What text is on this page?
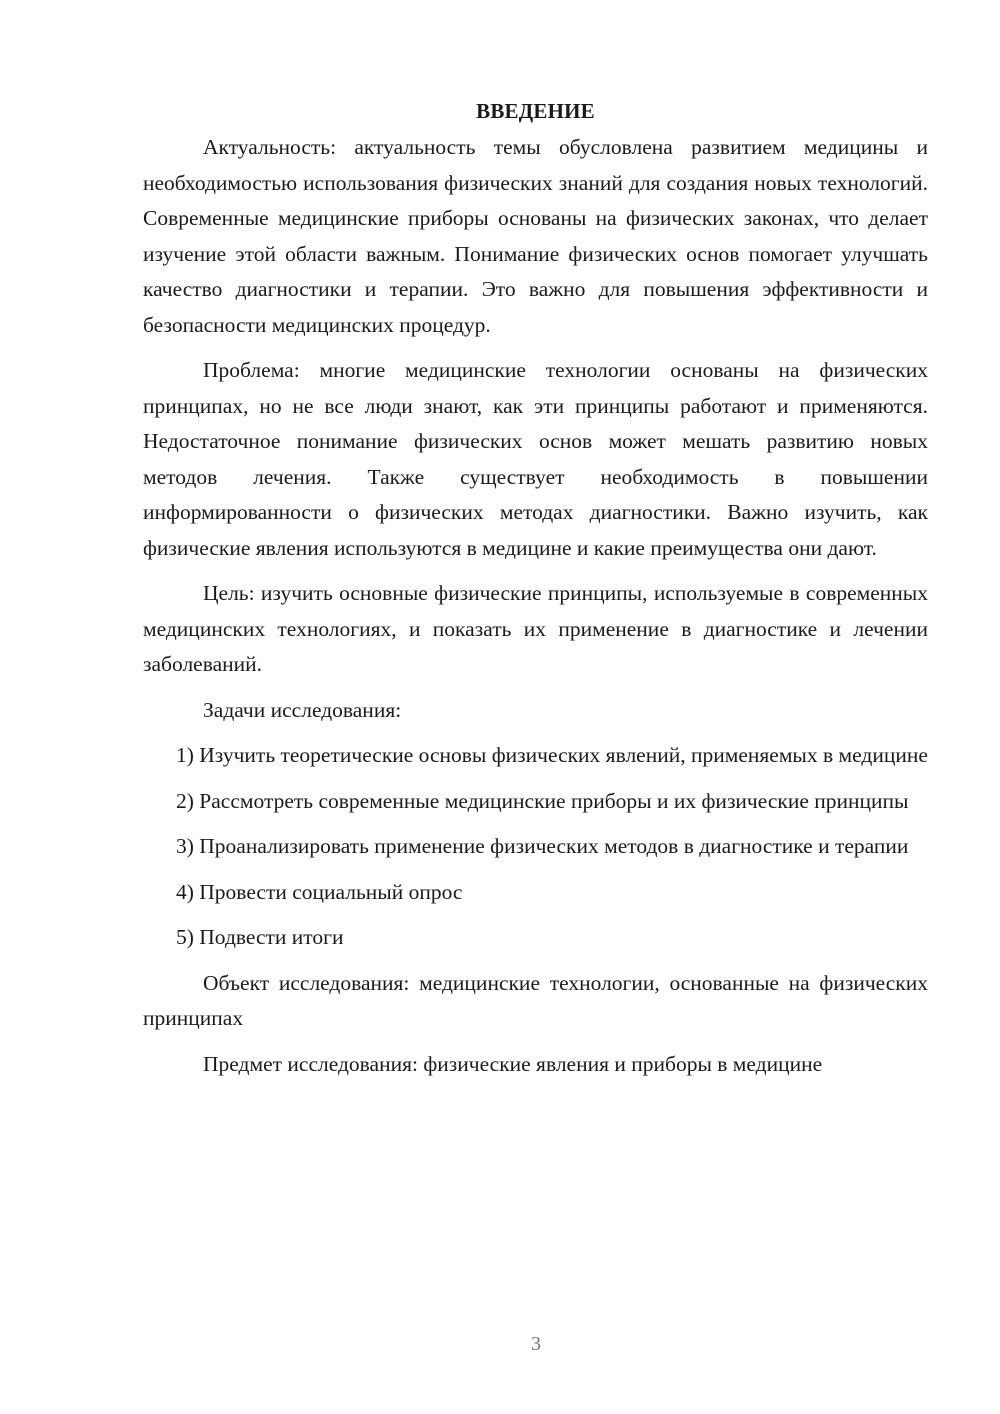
ВВЕДЕНИЕ

Актуальность: актуальность темы обусловлена развитием медицины и необходимостью использования физических знаний для создания новых технологий. Современные медицинские приборы основаны на физических законах, что делает изучение этой области важным. Понимание физических основ помогает улучшать качество диагностики и терапии. Это важно для повышения эффективности и безопасности медицинских процедур.

Проблема: многие медицинские технологии основаны на физических принципах, но не все люди знают, как эти принципы работают и применяются. Недостаточное понимание физических основ может мешать развитию новых методов лечения. Также существует необходимость в повышении информированности о физических методах диагностики. Важно изучить, как физические явления используются в медицине и какие преимущества они дают.

Цель: изучить основные физические принципы, используемые в современных медицинских технологиях, и показать их применение в диагностике и лечении заболеваний.

Задачи исследования:

1) Изучить теоретические основы физических явлений, применяемых в медицине

2) Рассмотреть современные медицинские приборы и их физические принципы

3) Проанализировать применение физических методов в диагностике и терапии

4) Провести социальный опрос

5) Подвести итоги

Объект исследования: медицинские технологии, основанные на физических принципах

Предмет исследования: физические явления и приборы в медицине

3
